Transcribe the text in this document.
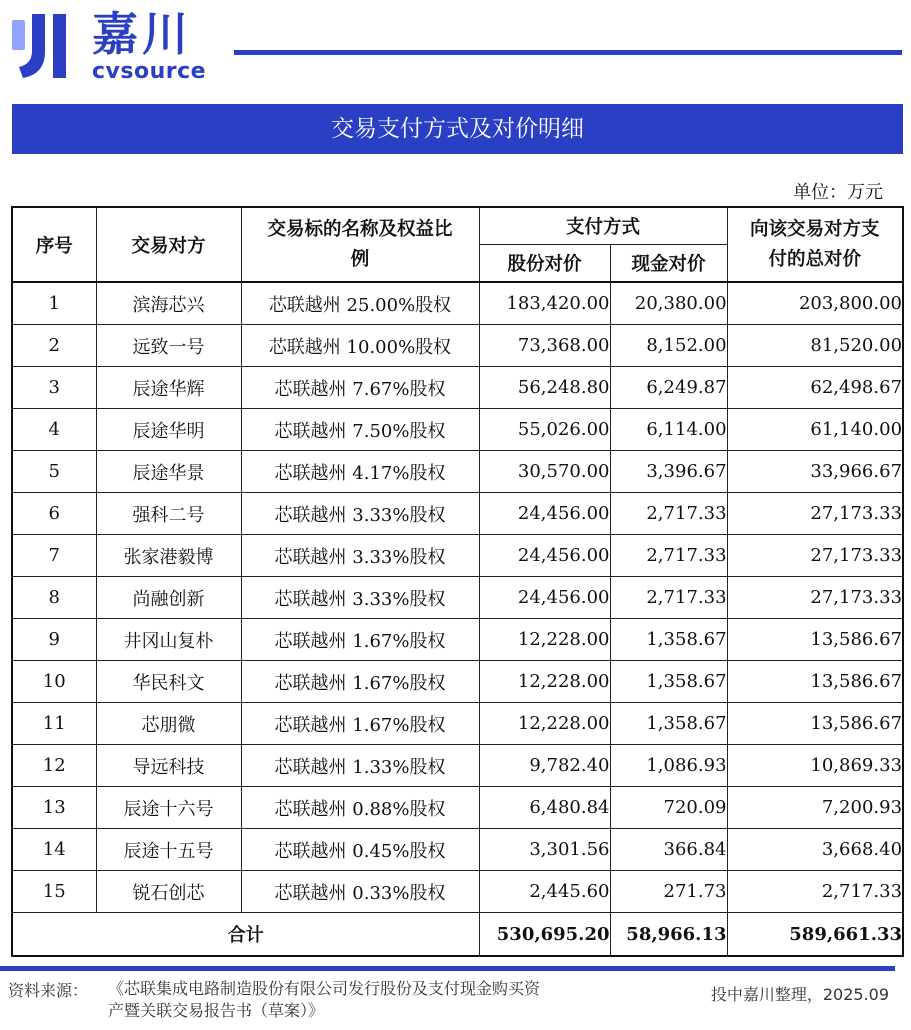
嘉川
cvsource
交易支付方式及对价明细
单位：万元
序号	交易对方	交易标的名称及权益比例	支付方式		向该交易对方支付的总对价
			股份对价	现金对价	
1	滨海芯兴	芯联越州 25.00%股权	183,420.00	20,380.00	203,800.00
2	远致一号	芯联越州 10.00%股权	73,368.00	8,152.00	81,520.00
3	辰途华辉	芯联越州 7.67%股权	56,248.80	6,249.87	62,498.67
4	辰途华明	芯联越州 7.50%股权	55,026.00	6,114.00	61,140.00
5	辰途华景	芯联越州 4.17%股权	30,570.00	3,396.67	33,966.67
6	强科二号	芯联越州 3.33%股权	24,456.00	2,717.33	27,173.33
7	张家港毅博	芯联越州 3.33%股权	24,456.00	2,717.33	27,173.33
8	尚融创新	芯联越州 3.33%股权	24,456.00	2,717.33	27,173.33
9	井冈山复朴	芯联越州 1.67%股权	12,228.00	1,358.67	13,586.67
10	华民科文	芯联越州 1.67%股权	12,228.00	1,358.67	13,586.67
11	芯朋微	芯联越州 1.67%股权	12,228.00	1,358.67	13,586.67
12	导远科技	芯联越州 1.33%股权	9,782.40	1,086.93	10,869.33
13	辰途十六号	芯联越州 0.88%股权	6,480.84	720.09	7,200.93
14	辰途十五号	芯联越州 0.45%股权	3,301.56	366.84	3,668.40
15	锐石创芯	芯联越州 0.33%股权	2,445.60	271.73	2,717.33
合计			530,695.20	58,966.13	589,661.33
资料来源： 《芯联集成电路制造股份有限公司发行股份及支付现金购买资产暨关联交易报告书（草案）》
投中嘉川整理，2025.09
